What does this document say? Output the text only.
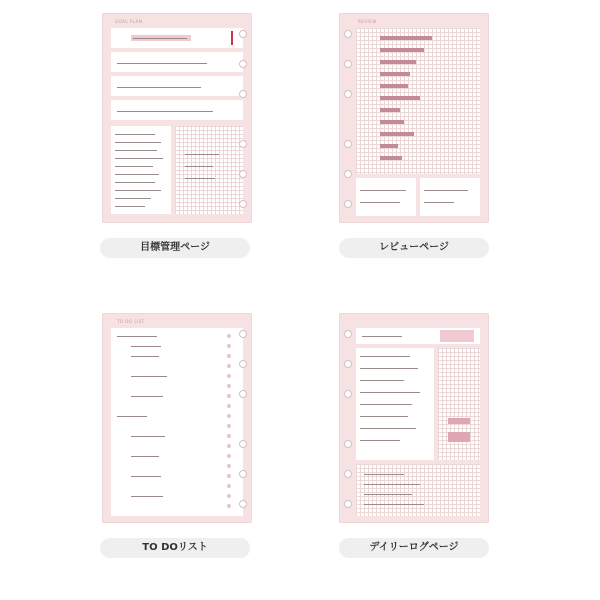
GOAL PLAN
目標管理ページ
REVIEW
レビューページ
TO DO LIST
TO DOリスト	デイリーログページ
